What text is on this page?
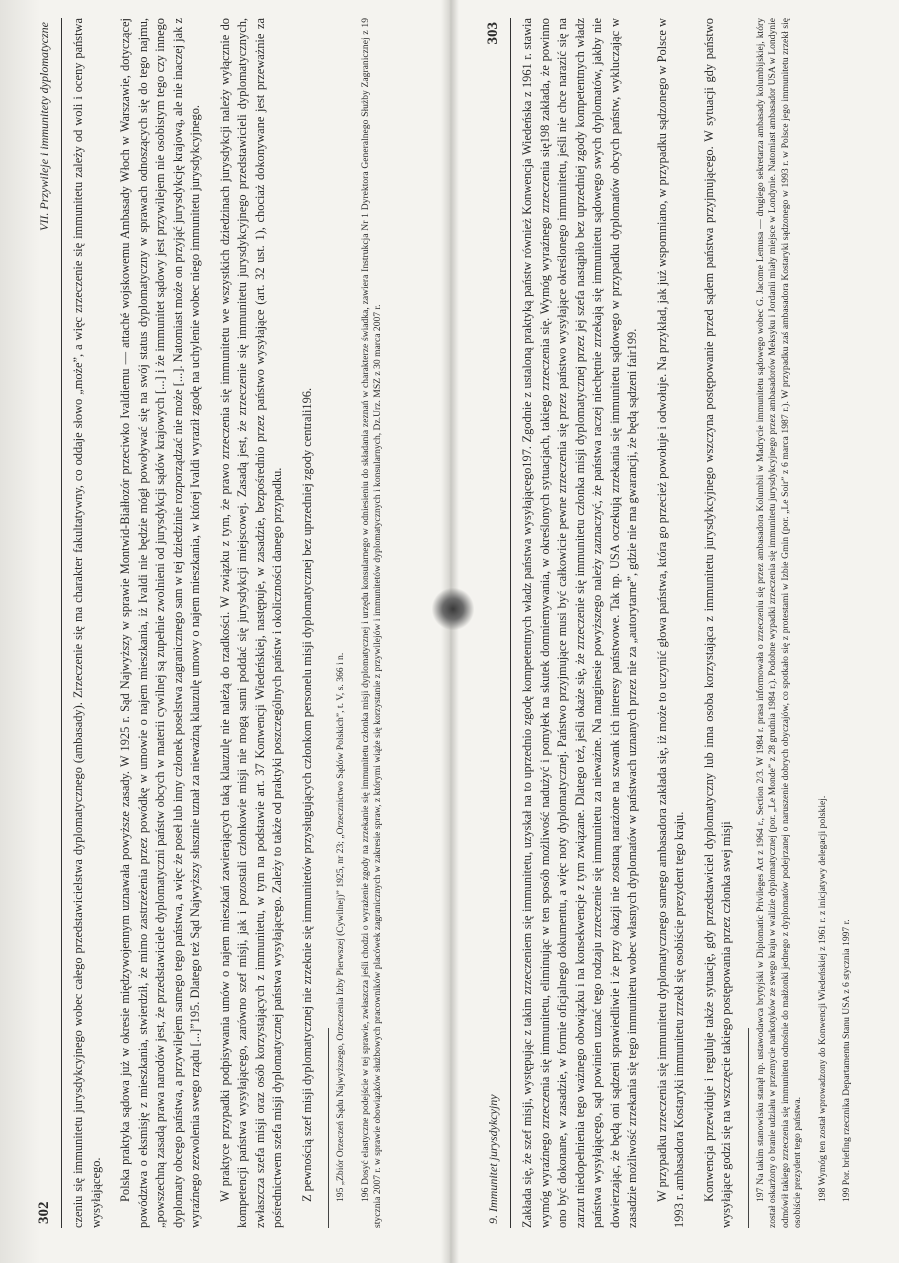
302
VII. Przywileje i immunitety dyplomatyczne czeniu się immunitetu jurysdykcyjnego wobec całego przedstawicielstwa dyplomatycznego (ambasady). Zrzeczenie się ma charakter fakultatywny, co oddaje słowo „może”, a więc zrzeczenie się immunitetu zależy od woli i oceny państwa wysyłającego. Polska praktyka sądowa już w okresie międzywojennym uznawała powyższe zasady. W 1925 r. Sąd Najwyższy w sprawie Montwid-Białłozór przeciwko Ivaldiemu — attaché wojskowemu Ambasady Włoch w Warszawie, dotyczącej powództwa o eksmisję z mieszkania, stwierdził, że mimo zastrzeżenia przez powódkę w umowie o najem mieszkania, iż Ivaldi nie będzie mógł powoływać się na swój status dyplomatyczny w sprawach odnoszących się do tego najmu, „powszechną zasadą prawa narodów jest, że przedstawiciele dyplomatyczni państw obcych w materii cywilnej są zupełnie zwolnieni od jurysdykcji sądów krajowych [...] i że immunitet sądowy jest przywilejem nie osobistym tego czy innego dyplomaty obcego państwa, a przywilejem samego tego państwa, a więc że poseł lub inny członek poselstwa zagranicznego sam w tej dziedzinie rozporządzać nie może [...]. Natomiast może on przyjąć jurysdykcję krajową, ale nie inaczej jak z wyraźnego zezwolenia swego rządu [...]”195. Dlatego też Sąd Najwyższy słusznie uznał za nieważną klauzulę umowy o najem mieszkania, w której Ivaldi wyraził zgodę na uchylenie wobec niego immunitetu jurysdykcyjnego. W praktyce przypadki podpisywania umów o najem mieszkań zawierających taką klauzulę nie należą do rzadkości. W związku z tym, że prawo zrzeczenia się immunitetu we wszystkich dziedzinach jurysdykcji należy wyłącznie do kompetencji państwa wysyłającego, zarówno szef misji, jak i pozostali członkowie misji nie mogą sami poddać się jurysdykcji miejscowej. Zasadą jest, że zrzeczenie się immunitetu jurysdykcyjnego przedstawicieli dyplomatycznych, zwłaszcza szefa misji oraz osób korzystających z immunitetu, w tym na podstawie art. 37 Konwencji Wiedeńskiej, następuje, w zasadzie, bezpośrednio przez państwo wysyłające (art. 32 ust. 1), chociaż dokonywane jest przeważnie za pośrednictwem szefa misji dyplomatycznej państwa wysyłającego. Zależy to także od praktyki poszczególnych państw i okoliczności danego przypadku. Z pewnością szef misji dyplomatycznej nie zrzeknie się immunitetów przysługujących członkom personelu misji dyplomatycznej bez uprzedniej zgody centrali196. 195 „Zbiór Orzeczeń Sądu Najwyższego, Orzeczenia Izby Pierwszej (Cywilnej)” 1925, nr 23; „Orzecznictwo Sądów Polskich”, t. V, s. 366 i n. 196 Dosyć elastyczne podejście w tej sprawie, zwłaszcza jeśli chodzi o wyrażenie zgody na zrzekanie się immunitetu członka misji dyplomatycznej i urzędu konsularnego w odniesieniu do składania zeznań w charakterze świadka, zawiera Instrukcja Nr 1 Dyrektora Generalnego Służby Zagranicznej z 19 stycznia 2007 r. w sprawie obowiązków służbowych pracowników placówek zagranicznych w zakresie spraw, z którymi wiąże się korzystanie z przywilejów i immunitetów dyplomatycznych i konsularnych, Dz.Urz. MSZ z 30 marca 2007 r.	9. Immunitet jurysdykcyjny
303 Zakłada się, że szef misji, występując z takim zrzeczeniem się immunitetu, uzyskał na to uprzednio zgodę kompetentnych władz państwa wysyłającego197. Zgodnie z ustaloną praktyką państw również Konwencja Wiedeńska z 1961 r. stawia wymóg wyraźnego zrzeczenia się immunitetu, eliminując w ten sposób możliwość nadużyć i pomyłek na skutek domniemywania, w określonych sytuacjach, takiego zrzeczenia się. Wymóg wyraźnego zrzeczenia się198 zakłada, że powinno ono być dokonane, w zasadzie, w formie oficjalnego dokumentu, a więc noty dyplomatycznej. Państwo przyjmujące musi być całkowicie pewne zrzeczenia się przez państwo wysyłające określonego immunitetu, jeśli nie chce narazić się na zarzut niedopełnienia tego ważnego obowiązku i na konsekwencje z tym związane. Dlatego też, jeśli okaże się, że zrzeczenie się immunitetu członka misji dyplomatycznej przez jej szefa nastąpiło bez uprzedniej zgody kompetentnych władz państwa wysyłającego, sąd powinien uznać tego rodzaju zrzeczenie się immunitetu za nieważne. Na marginesie powyższego należy zaznaczyć, że państwa raczej niechętnie zrzekają się immunitetu sądowego swych dyplomatów, jakby nie dowierzając, że będą oni sądzeni sprawiedliwie i że przy okazji nie zostaną narażone na szwank ich interesy państwowe. Tak np. USA oczekują zrzekania się immunitetu sądowego w przypadku dyplomatów obcych państw, wykluczając w zasadzie możliwość zrzekania się tego immunitetu wobec własnych dyplomatów w państwach uznanych przez nie za „autorytarne”, gdzie nie ma gwarancji, że będą sądzeni fair199. W przypadku zrzeczenia się immunitetu dyplomatycznego samego ambasadora zakłada się, iż może to uczynić głowa państwa, która go przecież powołuje i odwołuje. Na przykład, jak już wspomniano, w przypadku sądzonego w Polsce w 1993 r. ambasadora Kostaryki immunitetu zrzekł się osobiście prezydent tego kraju. Konwencja przewiduje i reguluje także sytuację, gdy przedstawiciel dyplomatyczny lub inna osoba korzystająca z immunitetu jurysdykcyjnego wszczyna postępowanie przed sądem państwa przyjmującego. W sytuacji gdy państwo wysyłające godzi się na wszczęcie takiego postępowania przez członka swej misji 197 Na takim stanowisku stanął np. ustawodawca brytyjski w Diplomatic Privileges Act z 1964 r., Section 2/3. W 1984 r. prasa informowała o zrzeczeniu się przez ambasadora Kolumbii w Madrycie immunitetu sądowego wobec G. Jacome Lemusa — drugiego sekretarza ambasady kolumbijskiej, który został oskarżony o branie udziału w przemycie narkotyków ze swego kraju w walizie dyplomatycznej (por. „Le Monde” z 28 grudnia 1984 r.). Podobne wypadki zrzeczenia się immunitetu jurysdykcyjnego przez ambasadorów Meksyku i Jordanii miały miejsce w Londynie. Natomiast ambasador USA w Londynie odmówił takiego zrzeczenia się immunitetu odnośnie do małżonki jednego z dyplomatów podejrzanej o naruszenie dobrych obyczajów, co spotkało się z protestami w Izbie Gmin (por. „Le Soir” z 6 marca 1987 r.). W przypadku zaś ambasadora Kostaryki sądzonego w 1993 r. w Polsce jego immunitetu zrzekł się osobiście prezydent tego państwa. 198 Wymóg ten został wprowadzony do Konwencji Wiedeńskiej z 1961 r. z inicjatywy delegacji polskiej. 199 Por. briefing rzecznika Departamentu Stanu USA z 6 stycznia 1997 r.
